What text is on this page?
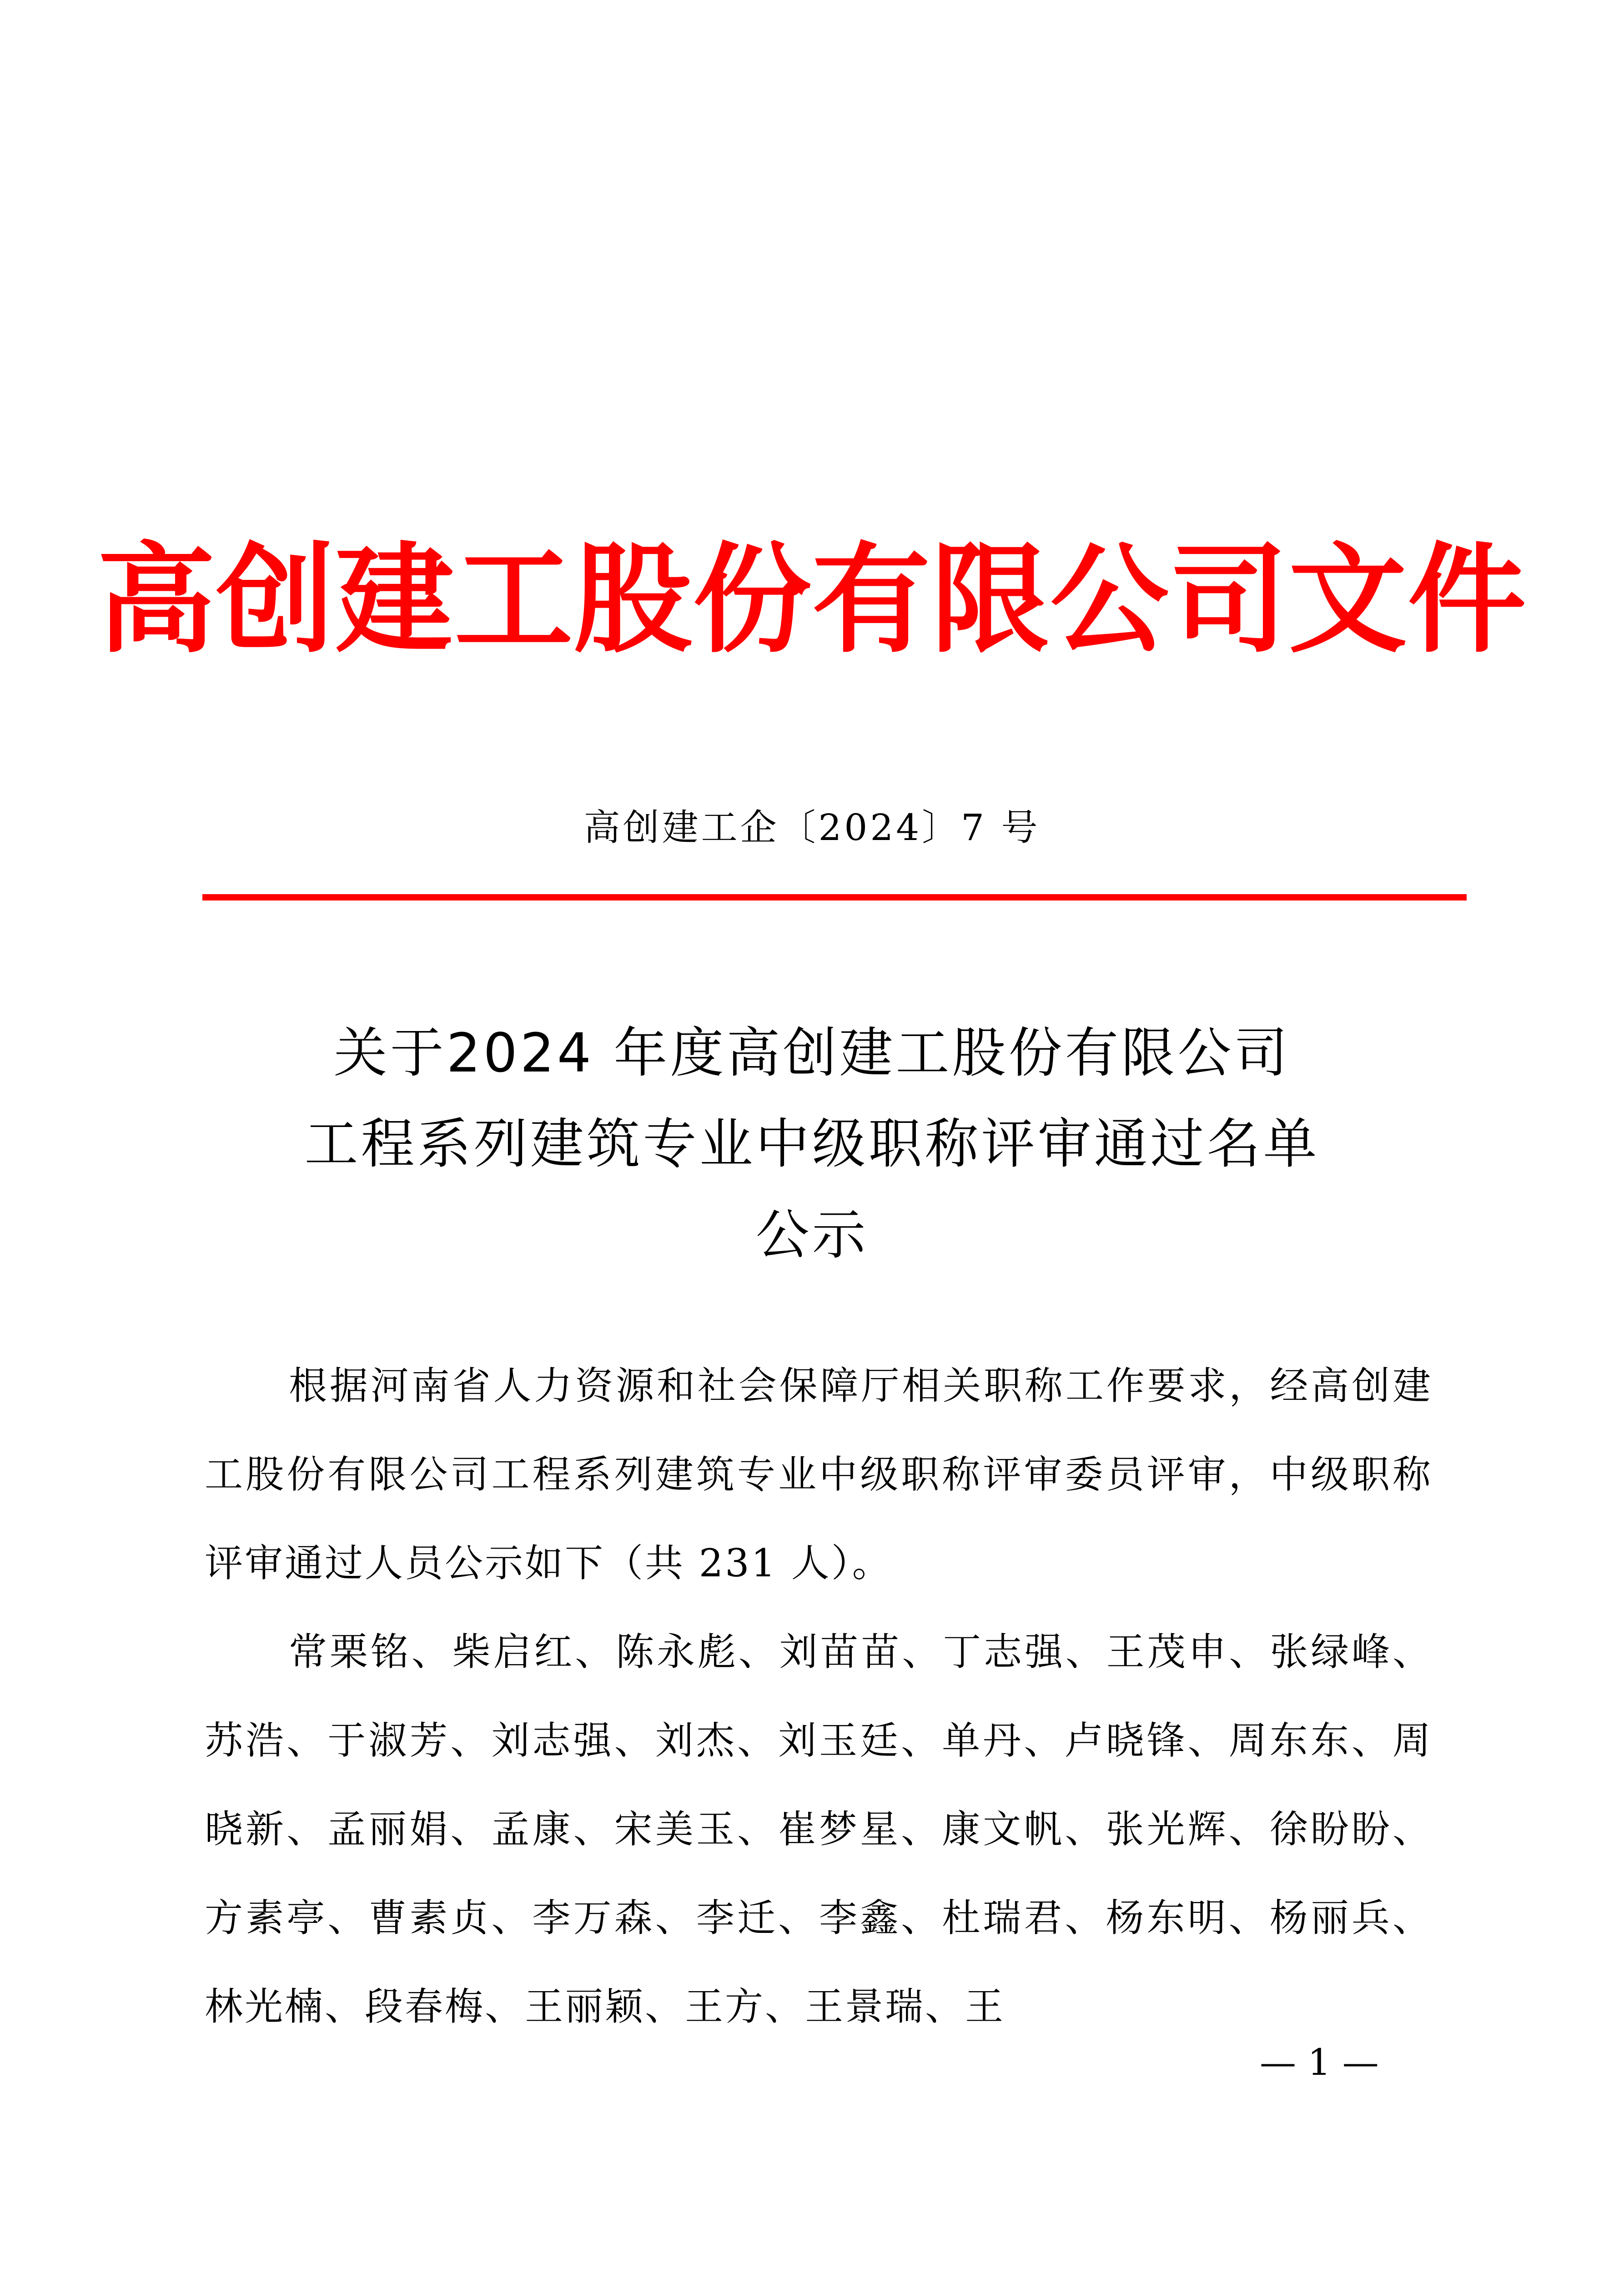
高创建工股份有限公司文件
高创建工企〔2024〕7 号
关于2024 年度高创建工股份有限公司
工程系列建筑专业中级职称评审通过名单
公示

根据河南省人力资源和社会保障厅相关职称工作要求，经高创建工股份有限公司工程系列建筑专业中级职称评审委员评审，中级职称评审通过人员公示如下（共 231 人）。

常栗铭、柴启红、陈永彪、刘苗苗、丁志强、王茂申、张绿峰、苏浩、于淑芳、刘志强、刘杰、刘玉廷、单丹、卢晓锋、周东东、周晓新、孟丽娟、孟康、宋美玉、崔梦星、康文帆、张光辉、徐盼盼、方素亭、曹素贞、李万森、李迁、李鑫、杜瑞君、杨东明、杨丽兵、林光楠、段春梅、王丽颖、王方、王景瑞、王

— 1 —
